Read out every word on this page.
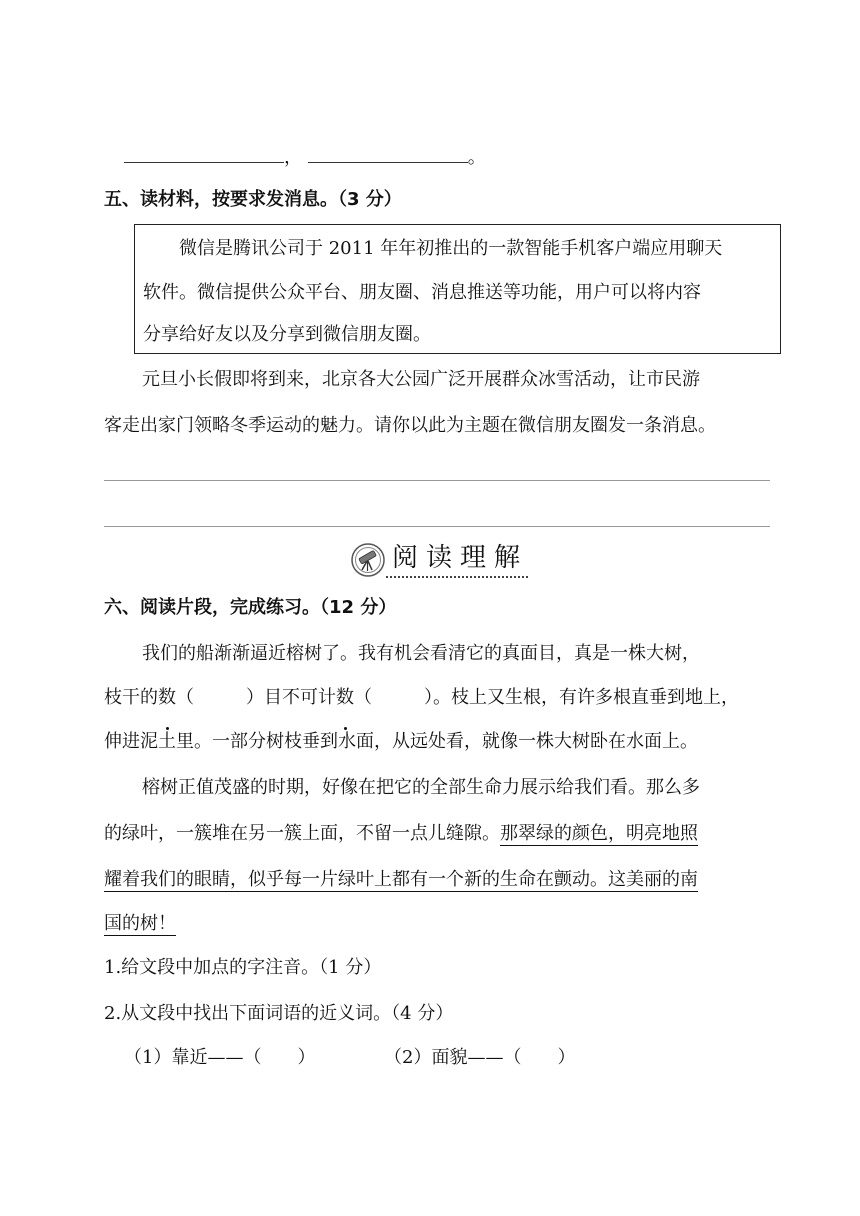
，	。
五、读材料，按要求发消息。（3 分）
微信是腾讯公司于 2011 年年初推出的一款智能手机客户端应用聊天
软件。微信提供公众平台、朋友圈、消息推送等功能，用户可以将内容
分享给好友以及分享到微信朋友圈。
元旦小长假即将到来，北京各大公园广泛开展群众冰雪活动，让市民游
客走出家门领略冬季运动的魅力。请你以此为主题在微信朋友圈发一条消息。
阅读理解
六、阅读片段，完成练习。（12 分）
我们的船渐渐逼近榕树了。我有机会看清它的真面目，真是一株大树，
枝干的数（	）目不可计数（	）。枝上又生根，有许多根直垂到地上，
伸进泥土里。一部分树枝垂到水面，从远处看，就像一株大树卧在水面上。
榕树正值茂盛的时期，好像在把它的全部生命力展示给我们看。那么多
的绿叶，一簇堆在另一簇上面，不留一点儿缝隙。那翠绿的颜色，明亮地照
耀着我们的眼睛，似乎每一片绿叶上都有一个新的生命在颤动。这美丽的南
国的树！
1.给文段中加点的字注音。（1 分）
2.从文段中找出下面词语的近义词。（4 分）
（1）靠近——（ ）	（2）面貌——（ ）
